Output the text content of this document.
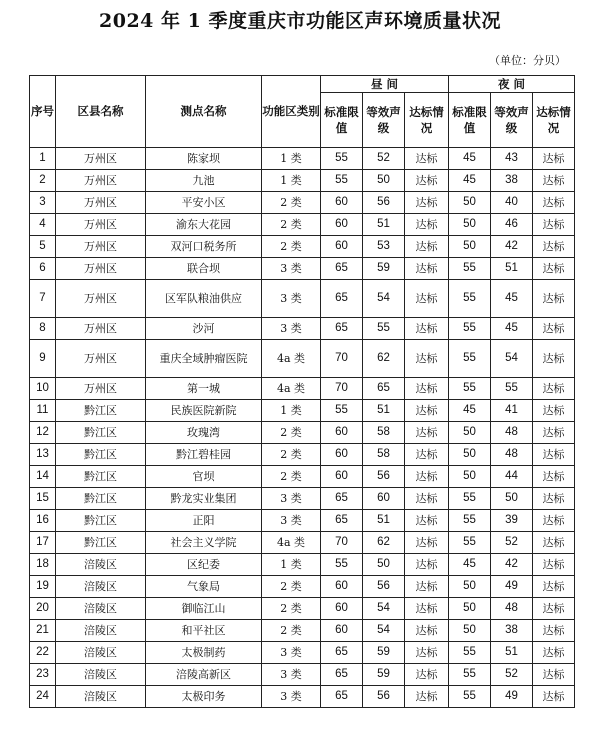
2024 年 1 季度重庆市功能区声环境质量状况
（单位：分贝）
序号	区县名称	测点名称	功能区类别	昼 间			夜 间		
				标准限值	等效声级	达标情况	标准限值	等效声级	达标情况
1	万州区	陈家坝	1 类	55	52	达标	45	43	达标
2	万州区	九池	1 类	55	50	达标	45	38	达标
3	万州区	平安小区	2 类	60	56	达标	50	40	达标
4	万州区	渝东大花园	2 类	60	51	达标	50	46	达标
5	万州区	双河口税务所	2 类	60	53	达标	50	42	达标
6	万州区	联合坝	3 类	65	59	达标	55	51	达标
7	万州区	区军队粮油供应	3 类	65	54	达标	55	45	达标
8	万州区	沙河	3 类	65	55	达标	55	45	达标
9	万州区	重庆全域肿瘤医院	4a 类	70	62	达标	55	54	达标
10	万州区	第一城	4a 类	70	65	达标	55	55	达标
11	黔江区	民族医院新院	1 类	55	51	达标	45	41	达标
12	黔江区	玫瑰湾	2 类	60	58	达标	50	48	达标
13	黔江区	黔江碧桂园	2 类	60	58	达标	50	48	达标
14	黔江区	官坝	2 类	60	56	达标	50	44	达标
15	黔江区	黔龙实业集团	3 类	65	60	达标	55	50	达标
16	黔江区	正阳	3 类	65	51	达标	55	39	达标
17	黔江区	社会主义学院	4a 类	70	62	达标	55	52	达标
18	涪陵区	区纪委	1 类	55	50	达标	45	42	达标
19	涪陵区	气象局	2 类	60	56	达标	50	49	达标
20	涪陵区	御临江山	2 类	60	54	达标	50	48	达标
21	涪陵区	和平社区	2 类	60	54	达标	50	38	达标
22	涪陵区	太极制药	3 类	65	59	达标	55	51	达标
23	涪陵区	涪陵高新区	3 类	65	59	达标	55	52	达标
24	涪陵区	太极印务	3 类	65	56	达标	55	49	达标
